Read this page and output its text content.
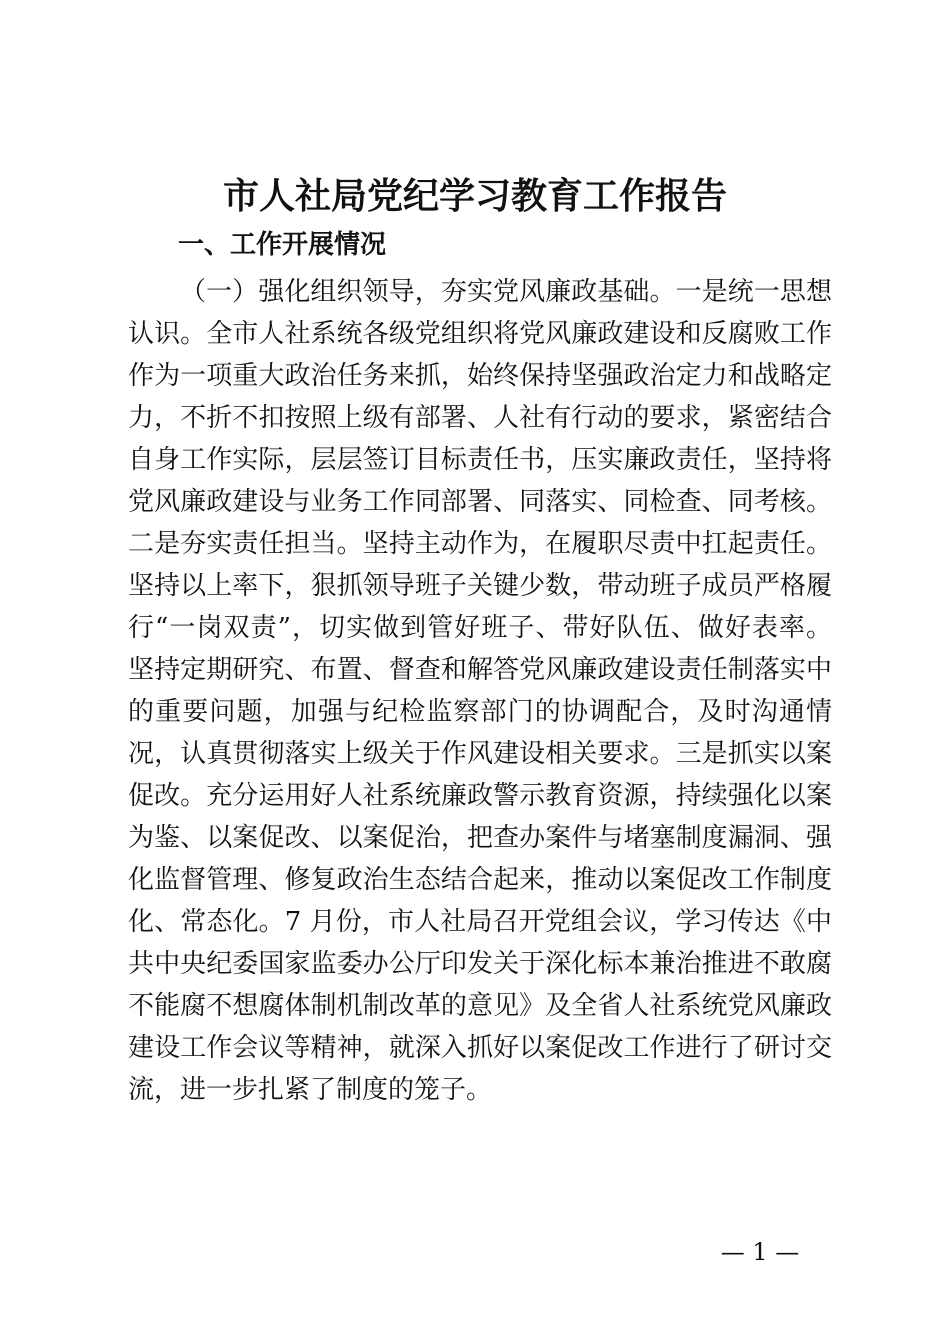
市人社局党纪学习教育工作报告
一、工作开展情况
（一）强化组织领导，夯实党风廉政基础。一是统一思想
认识。全市人社系统各级党组织将党风廉政建设和反腐败工作
作为一项重大政治任务来抓，始终保持坚强政治定力和战略定
力，不折不扣按照上级有部署、人社有行动的要求，紧密结合
自身工作实际，层层签订目标责任书，压实廉政责任，坚持将
党风廉政建设与业务工作同部署、同落实、同检查、同考核。
二是夯实责任担当。坚持主动作为，在履职尽责中扛起责任。
坚持以上率下，狠抓领导班子关键少数，带动班子成员严格履
行“一岗双责”，切实做到管好班子、带好队伍、做好表率。
坚持定期研究、布置、督查和解答党风廉政建设责任制落实中
的重要问题，加强与纪检监察部门的协调配合，及时沟通情
况，认真贯彻落实上级关于作风建设相关要求。三是抓实以案
促改。充分运用好人社系统廉政警示教育资源，持续强化以案
为鉴、以案促改、以案促治，把查办案件与堵塞制度漏洞、强
化监督管理、修复政治生态结合起来，推动以案促改工作制度
化、常态化。7 月份，市人社局召开党组会议，学习传达《中
共中央纪委国家监委办公厅印发关于深化标本兼治推进不敢腐
不能腐不想腐体制机制改革的意见》及全省人社系统党风廉政
建设工作会议等精神，就深入抓好以案促改工作进行了研讨交
流，进一步扎紧了制度的笼子。
— 1 —
